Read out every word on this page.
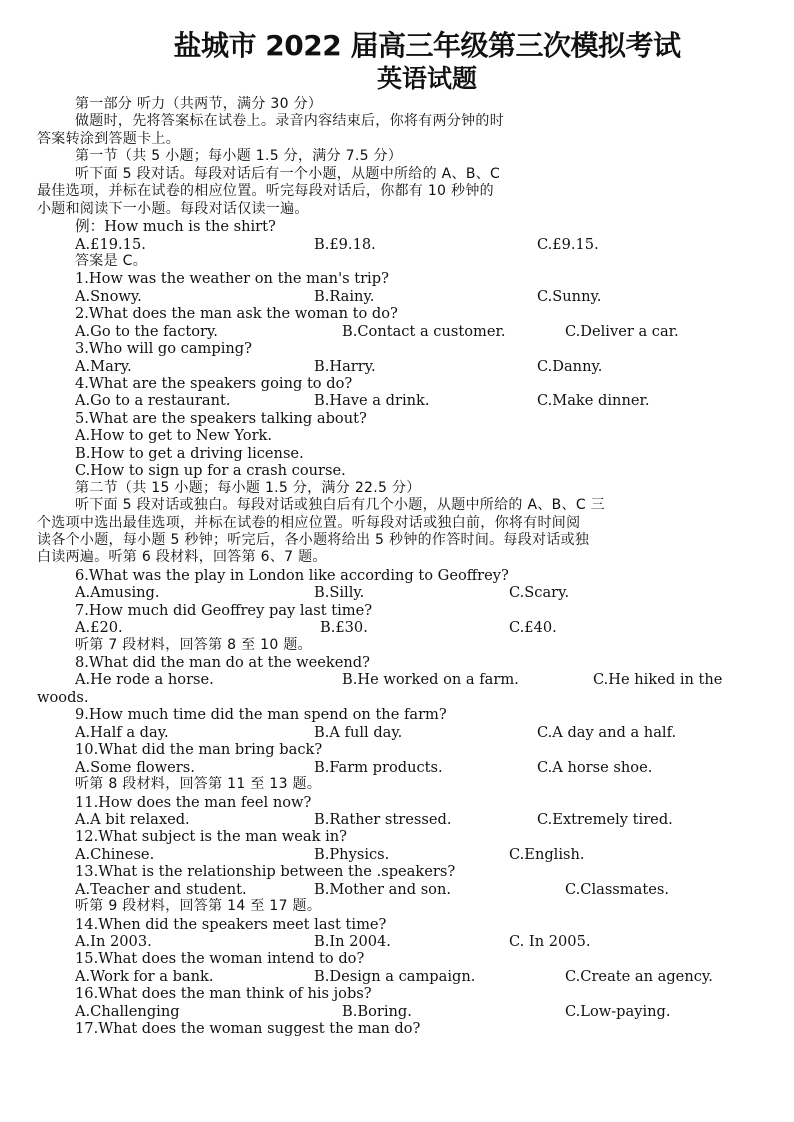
盐城市 2022 届高三年级第三次模拟考试
英语试题
第一部分 听力（共两节，满分 30 分）
做题时，先将答案标在试卷上。录音内容结束后，你将有两分钟的时
答案转涂到答题卡上。
第一节（共 5 小题；每小题 1.5 分，满分 7.5 分）
听下面 5 段对话。每段对话后有一个小题，从题中所给的 A、B、C
最佳选项，并标在试卷的相应位置。听完每段对话后，你都有 10 秒钟的
小题和阅读下一小题。每段对话仅读一遍。
例：How much is the shirt?
A.£19.15.	B.£9.18.	C.£9.15.
答案是 C。
1.How was the weather on the man's trip?
A.Snowy.	B.Rainy.	C.Sunny.
2.What does the man ask the woman to do?
A.Go to the factory.	B.Contact a customer.	C.Deliver a car.
3.Who will go camping?
A.Mary.	B.Harry.	C.Danny.
4.What are the speakers going to do?
A.Go to a restaurant.	B.Have a drink.	C.Make dinner.
5.What are the speakers talking about?
A.How to get to New York.
B.How to get a driving license.
C.How to sign up for a crash course.
第二节（共 15 小题；每小题 1.5 分，满分 22.5 分）
听下面 5 段对话或独白。每段对话或独白后有几个小题，从题中所给的 A、B、C 三
个选项中选出最佳选项，并标在试卷的相应位置。听每段对话或独白前，你将有时间阅
读各个小题，每小题 5 秒钟；听完后，各小题将给出 5 秒钟的作答时间。每段对话或独
白读两遍。听第 6 段材料，回答第 6、7 题。
6.What was the play in London like according to Geoffrey?
A.Amusing.	B.Silly.	C.Scary.
7.How much did Geoffrey pay last time?
A.£20.	B.£30.	C.£40.
听第 7 段材料，回答第 8 至 10 题。
8.What did the man do at the weekend?
A.He rode a horse.	B.He worked on a farm.	C.He hiked in the
woods.
9.How much time did the man spend on the farm?
A.Half a day.	B.A full day.	C.A day and a half.
10.What did the man bring back?
A.Some flowers.	B.Farm products.	C.A horse shoe.
听第 8 段材料，回答第 11 至 13 题。
11.How does the man feel now?
A.A bit relaxed.	B.Rather stressed.	C.Extremely tired.
12.What subject is the man weak in?
A.Chinese.	B.Physics.	C.English.
13.What is the relationship between the .speakers?
A.Teacher and student.	B.Mother and son.	C.Classmates.
听第 9 段材料，回答第 14 至 17 题。
14.When did the speakers meet last time?
A.In 2003.	B.In 2004.	C. In 2005.
15.What does the woman intend to do?
A.Work for a bank.	B.Design a campaign.	C.Create an agency.
16.What does the man think of his jobs?
A.Challenging	B.Boring.	C.Low-paying.
17.What does the woman suggest the man do?
